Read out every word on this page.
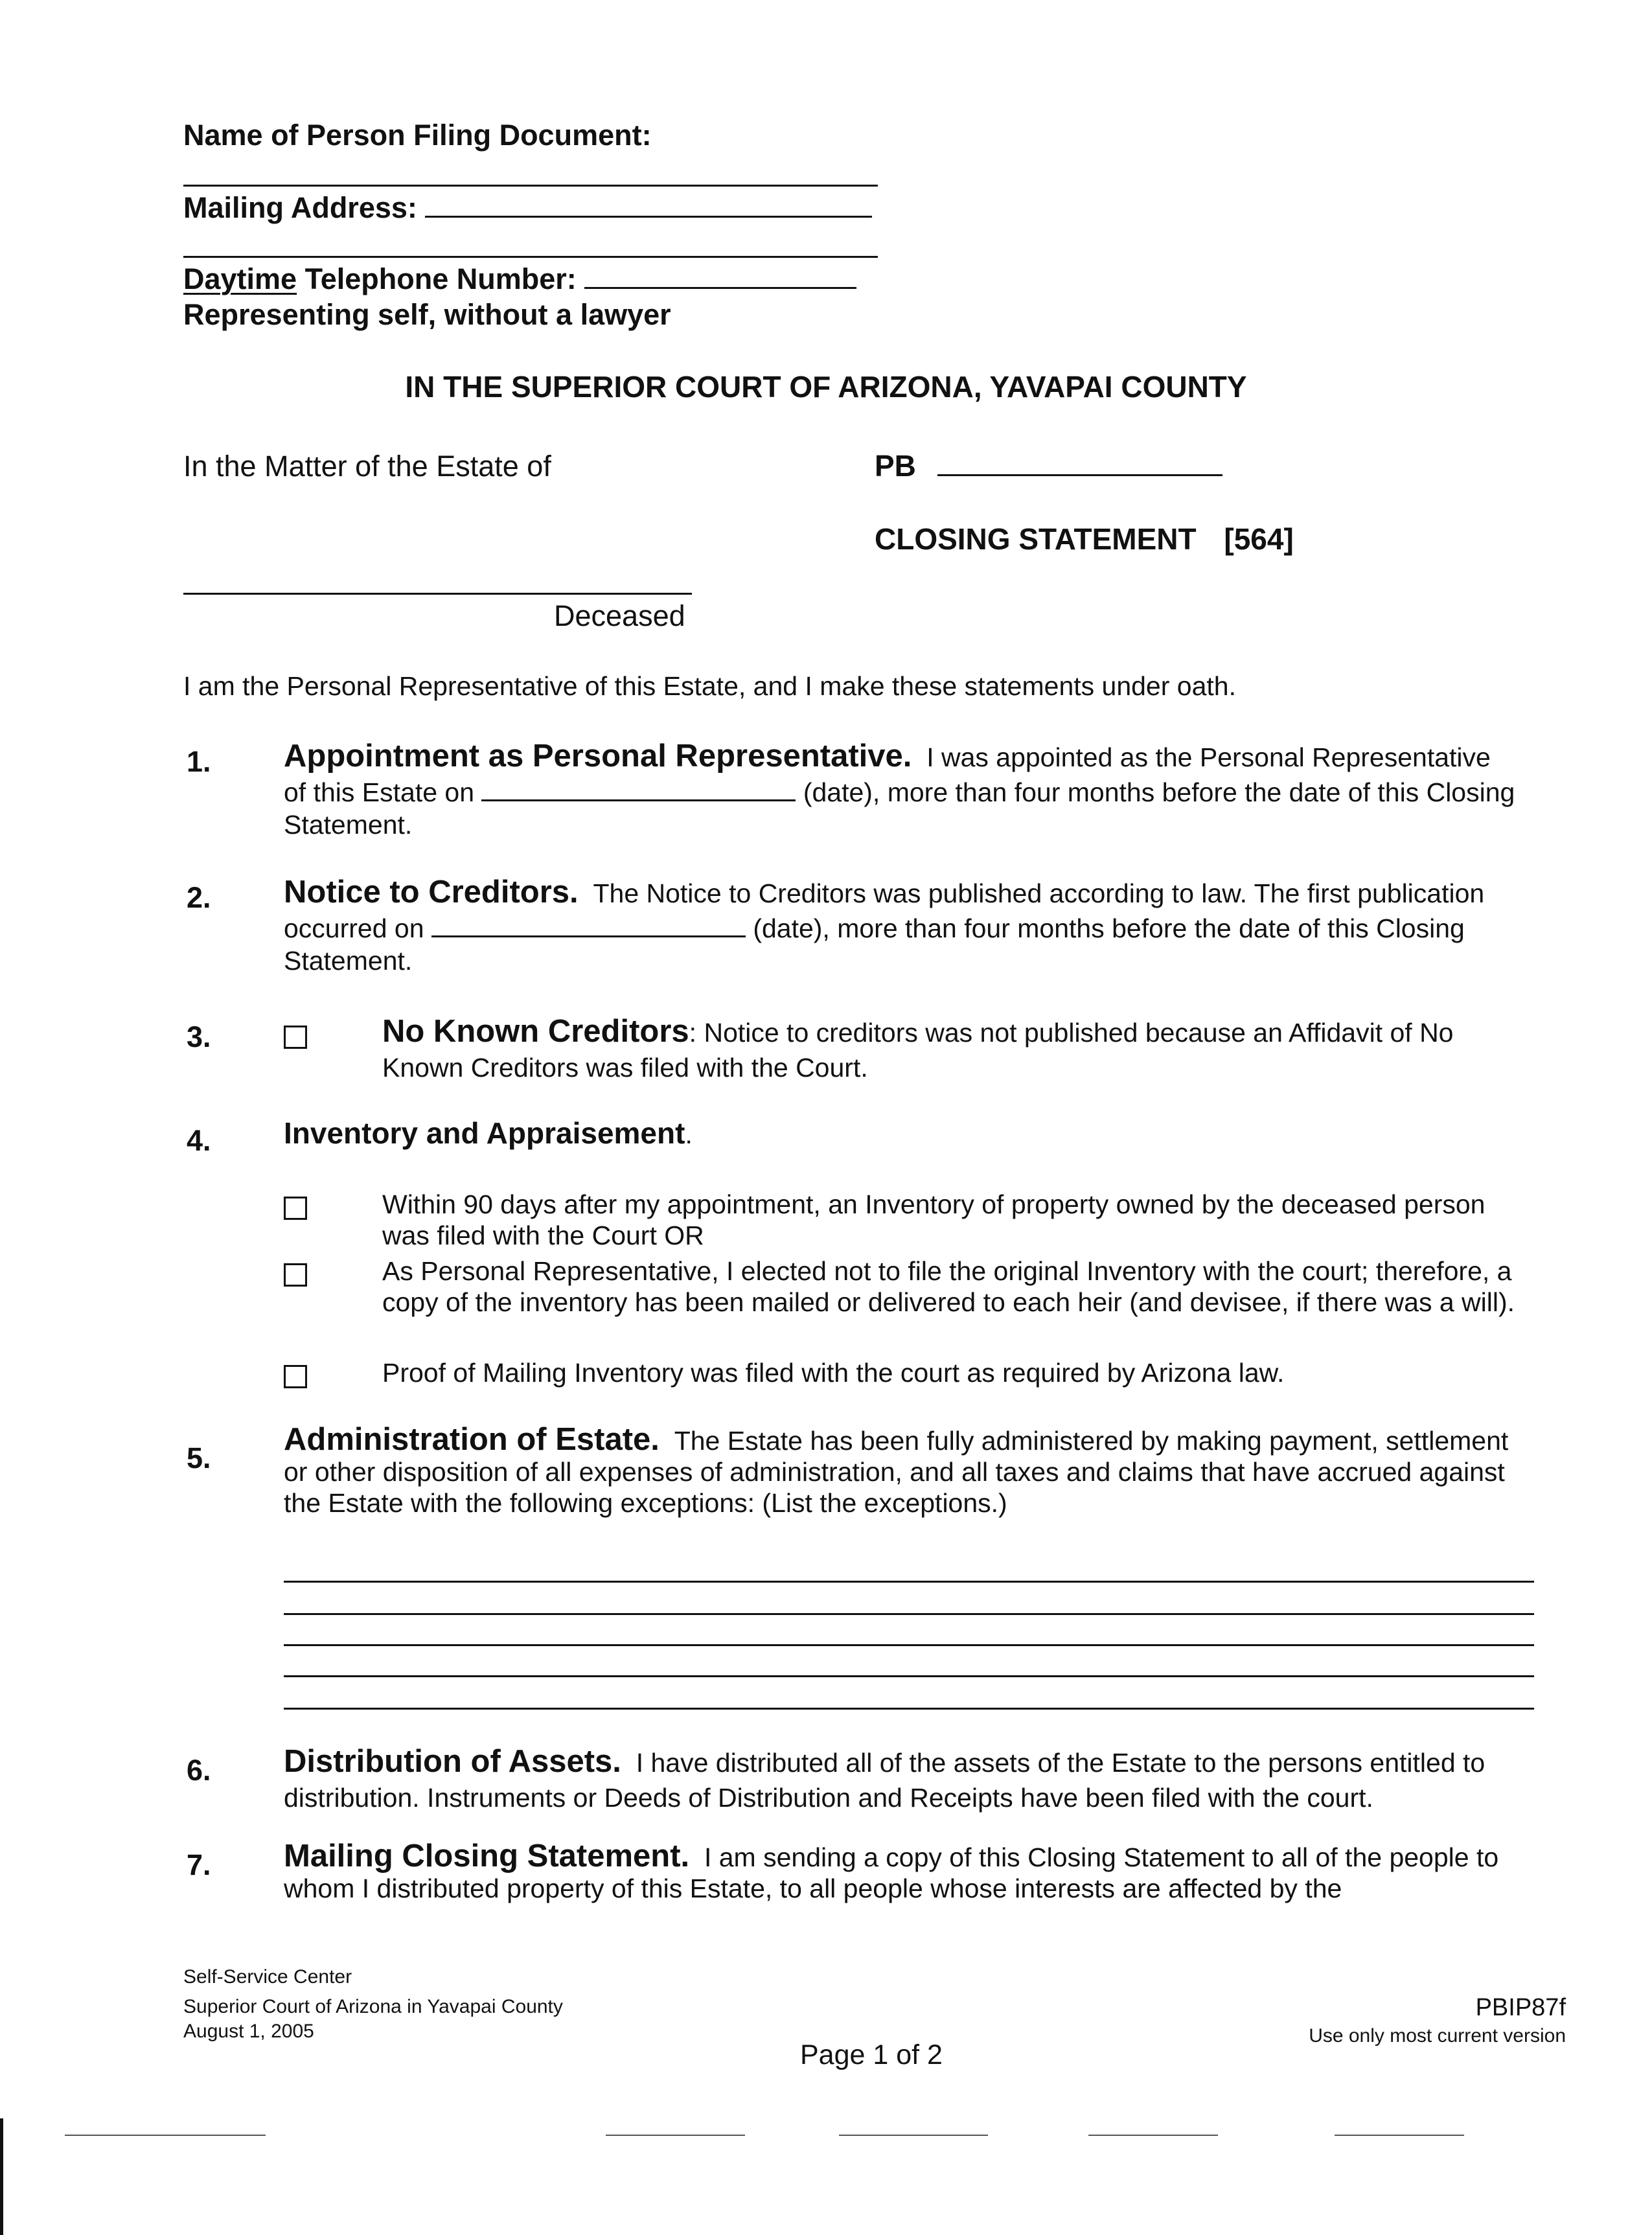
Name of Person Filing Document:
Mailing Address:
Daytime Telephone Number:
Representing self, without a lawyer
IN THE SUPERIOR COURT OF ARIZONA, YAVAPAI COUNTY
In the Matter of the Estate of	PB
CLOSING STATEMENT [564]
Deceased
I am the Personal Representative of this Estate, and I make these statements under oath.
1. Appointment as Personal Representative. I was appointed as the Personal Representative
of this Estate on	(date), more than four months before the date of this Closing
Statement.
2. Notice to Creditors. The Notice to Creditors was published according to law. The first publication
occurred on	(date), more than four months before the date of this Closing
Statement.
3.	No Known Creditors: Notice to creditors was not published because an Affidavit of No
Known Creditors was filed with the Court.
4. Inventory and Appraisement.
Within 90 days after my appointment, an Inventory of property owned by the deceased person
was filed with the Court OR
As Personal Representative, I elected not to file the original Inventory with the court; therefore, a
copy of the inventory has been mailed or delivered to each heir (and devisee, if there was a will).
Proof of Mailing Inventory was filed with the court as required by Arizona law.
5.
Administration of Estate. The Estate has been fully administered by making payment, settlement
or other disposition of all expenses of administration, and all taxes and claims that have accrued against
the Estate with the following exceptions: (List the exceptions.)
6. Distribution of Assets. I have distributed all of the assets of the Estate to the persons entitled to
distribution. Instruments or Deeds of Distribution and Receipts have been filed with the court.
7. Mailing Closing Statement. I am sending a copy of this Closing Statement to all of the people to
whom I distributed property of this Estate, to all people whose interests are affected by the
Self-Service Center
Superior Court of Arizona in Yavapai County
August 1, 2005
Page 1 of 2
PBIP87f
Use only most current version
